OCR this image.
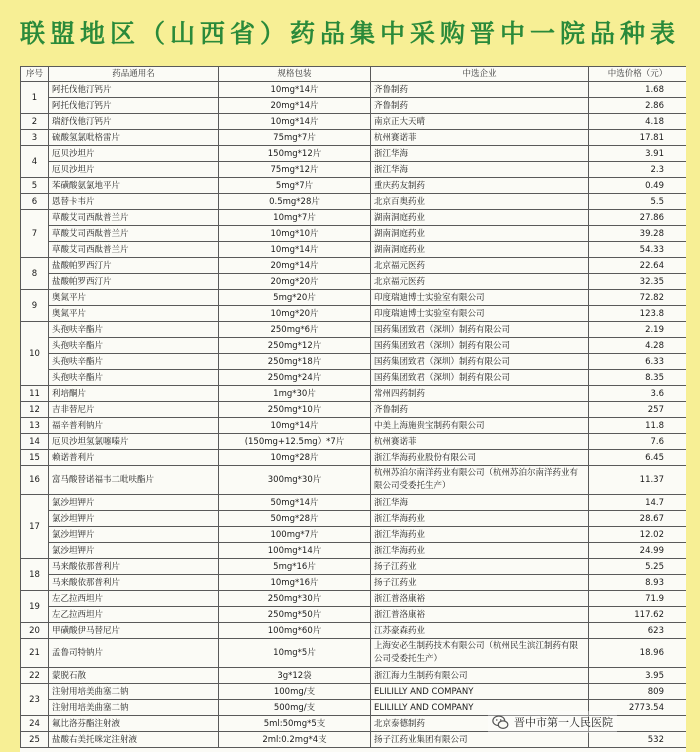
联盟地区（山西省）药品集中采购晋中一院品种表
序号	药品通用名	规格包装	中选企业	中选价格（元）
1	阿托伐他汀钙片	10mg*14片	齐鲁制药	1.68
	阿托伐他汀钙片	20mg*14片	齐鲁制药	2.86
2	瑞舒伐他汀钙片	10mg*14片	南京正大天晴	4.18
3	硫酸氢氯吡格雷片	75mg*7片	杭州赛诺菲	17.81
4	厄贝沙坦片	150mg*12片	浙江华海	3.91
	厄贝沙坦片	75mg*12片	浙江华海	2.3
5	苯磺酸氨氯地平片	5mg*7片	重庆药友制药	0.49
6	恩替卡韦片	0.5mg*28片	北京百奥药业	5.5
7	草酸艾司西酞普兰片	10mg*7片	湖南洞庭药业	27.86
	草酸艾司西酞普兰片	10mg*10片	湖南洞庭药业	39.28
	草酸艾司西酞普兰片	10mg*14片	湖南洞庭药业	54.33
8	盐酸帕罗西汀片	20mg*14片	北京福元医药	22.64
	盐酸帕罗西汀片	20mg*20片	北京福元医药	32.35
9	奥氮平片	5mg*20片	印度瑞迪博士实验室有限公司	72.82
	奥氮平片	10mg*20片	印度瑞迪博士实验室有限公司	123.8
10	头孢呋辛酯片	250mg*6片	国药集团致君（深圳）制药有限公司	2.19
	头孢呋辛酯片	250mg*12片	国药集团致君（深圳）制药有限公司	4.28
	头孢呋辛酯片	250mg*18片	国药集团致君（深圳）制药有限公司	6.33
	头孢呋辛酯片	250mg*24片	国药集团致君（深圳）制药有限公司	8.35
11	利培酮片	1mg*30片	常州四药制药	3.6
12	吉非替尼片	250mg*10片	齐鲁制药	257
13	福辛普利钠片	10mg*14片	中美上海施贵宝制药有限公司	11.8
14	厄贝沙坦氢氯噻嗪片	(150mg+12.5mg）*7片	杭州赛诺菲	7.6
15	赖诺普利片	10mg*28片	浙江华海药业股份有限公司	6.45
16	富马酸替诺福韦二吡呋酯片	300mg*30片	杭州苏泊尔南洋药业有限公司（杭州苏泊尔南洋药业有限公司受委托生产）	11.37
17	氯沙坦钾片	50mg*14片	浙江华海	14.7
	氯沙坦钾片	50mg*28片	浙江华海药业	28.67
	氯沙坦钾片	100mg*7片	浙江华海药业	12.02
	氯沙坦钾片	100mg*14片	浙江华海药业	24.99
18	马来酸依那普利片	5mg*16片	扬子江药业	5.25
	马来酸依那普利片	10mg*16片	扬子江药业	8.93
19	左乙拉西坦片	250mg*30片	浙江普洛康裕	71.9
	左乙拉西坦片	250mg*50片	浙江普洛康裕	117.62
20	甲磺酸伊马替尼片	100mg*60片	江苏豪森药业	623
21	孟鲁司特钠片	10mg*5片	上海安必生制药技术有限公司（杭州民生滨江制药有限公司受委托生产）	18.96
22	蒙脱石散	3g*12袋	浙江海力生制药有限公司	3.95
23	注射用培美曲塞二钠	100mg/支	ELILILLY AND COMPANY	809
	注射用培美曲塞二钠	500mg/支	ELILILLY AND COMPANY	2773.54
24	氟比洛芬酯注射液	5ml:50mg*5支	北京泰德制药	
25	盐酸右美托咪定注射液	2ml:0.2mg*4支	扬子江药业集团有限公司	532
晋中市第一人民医院
